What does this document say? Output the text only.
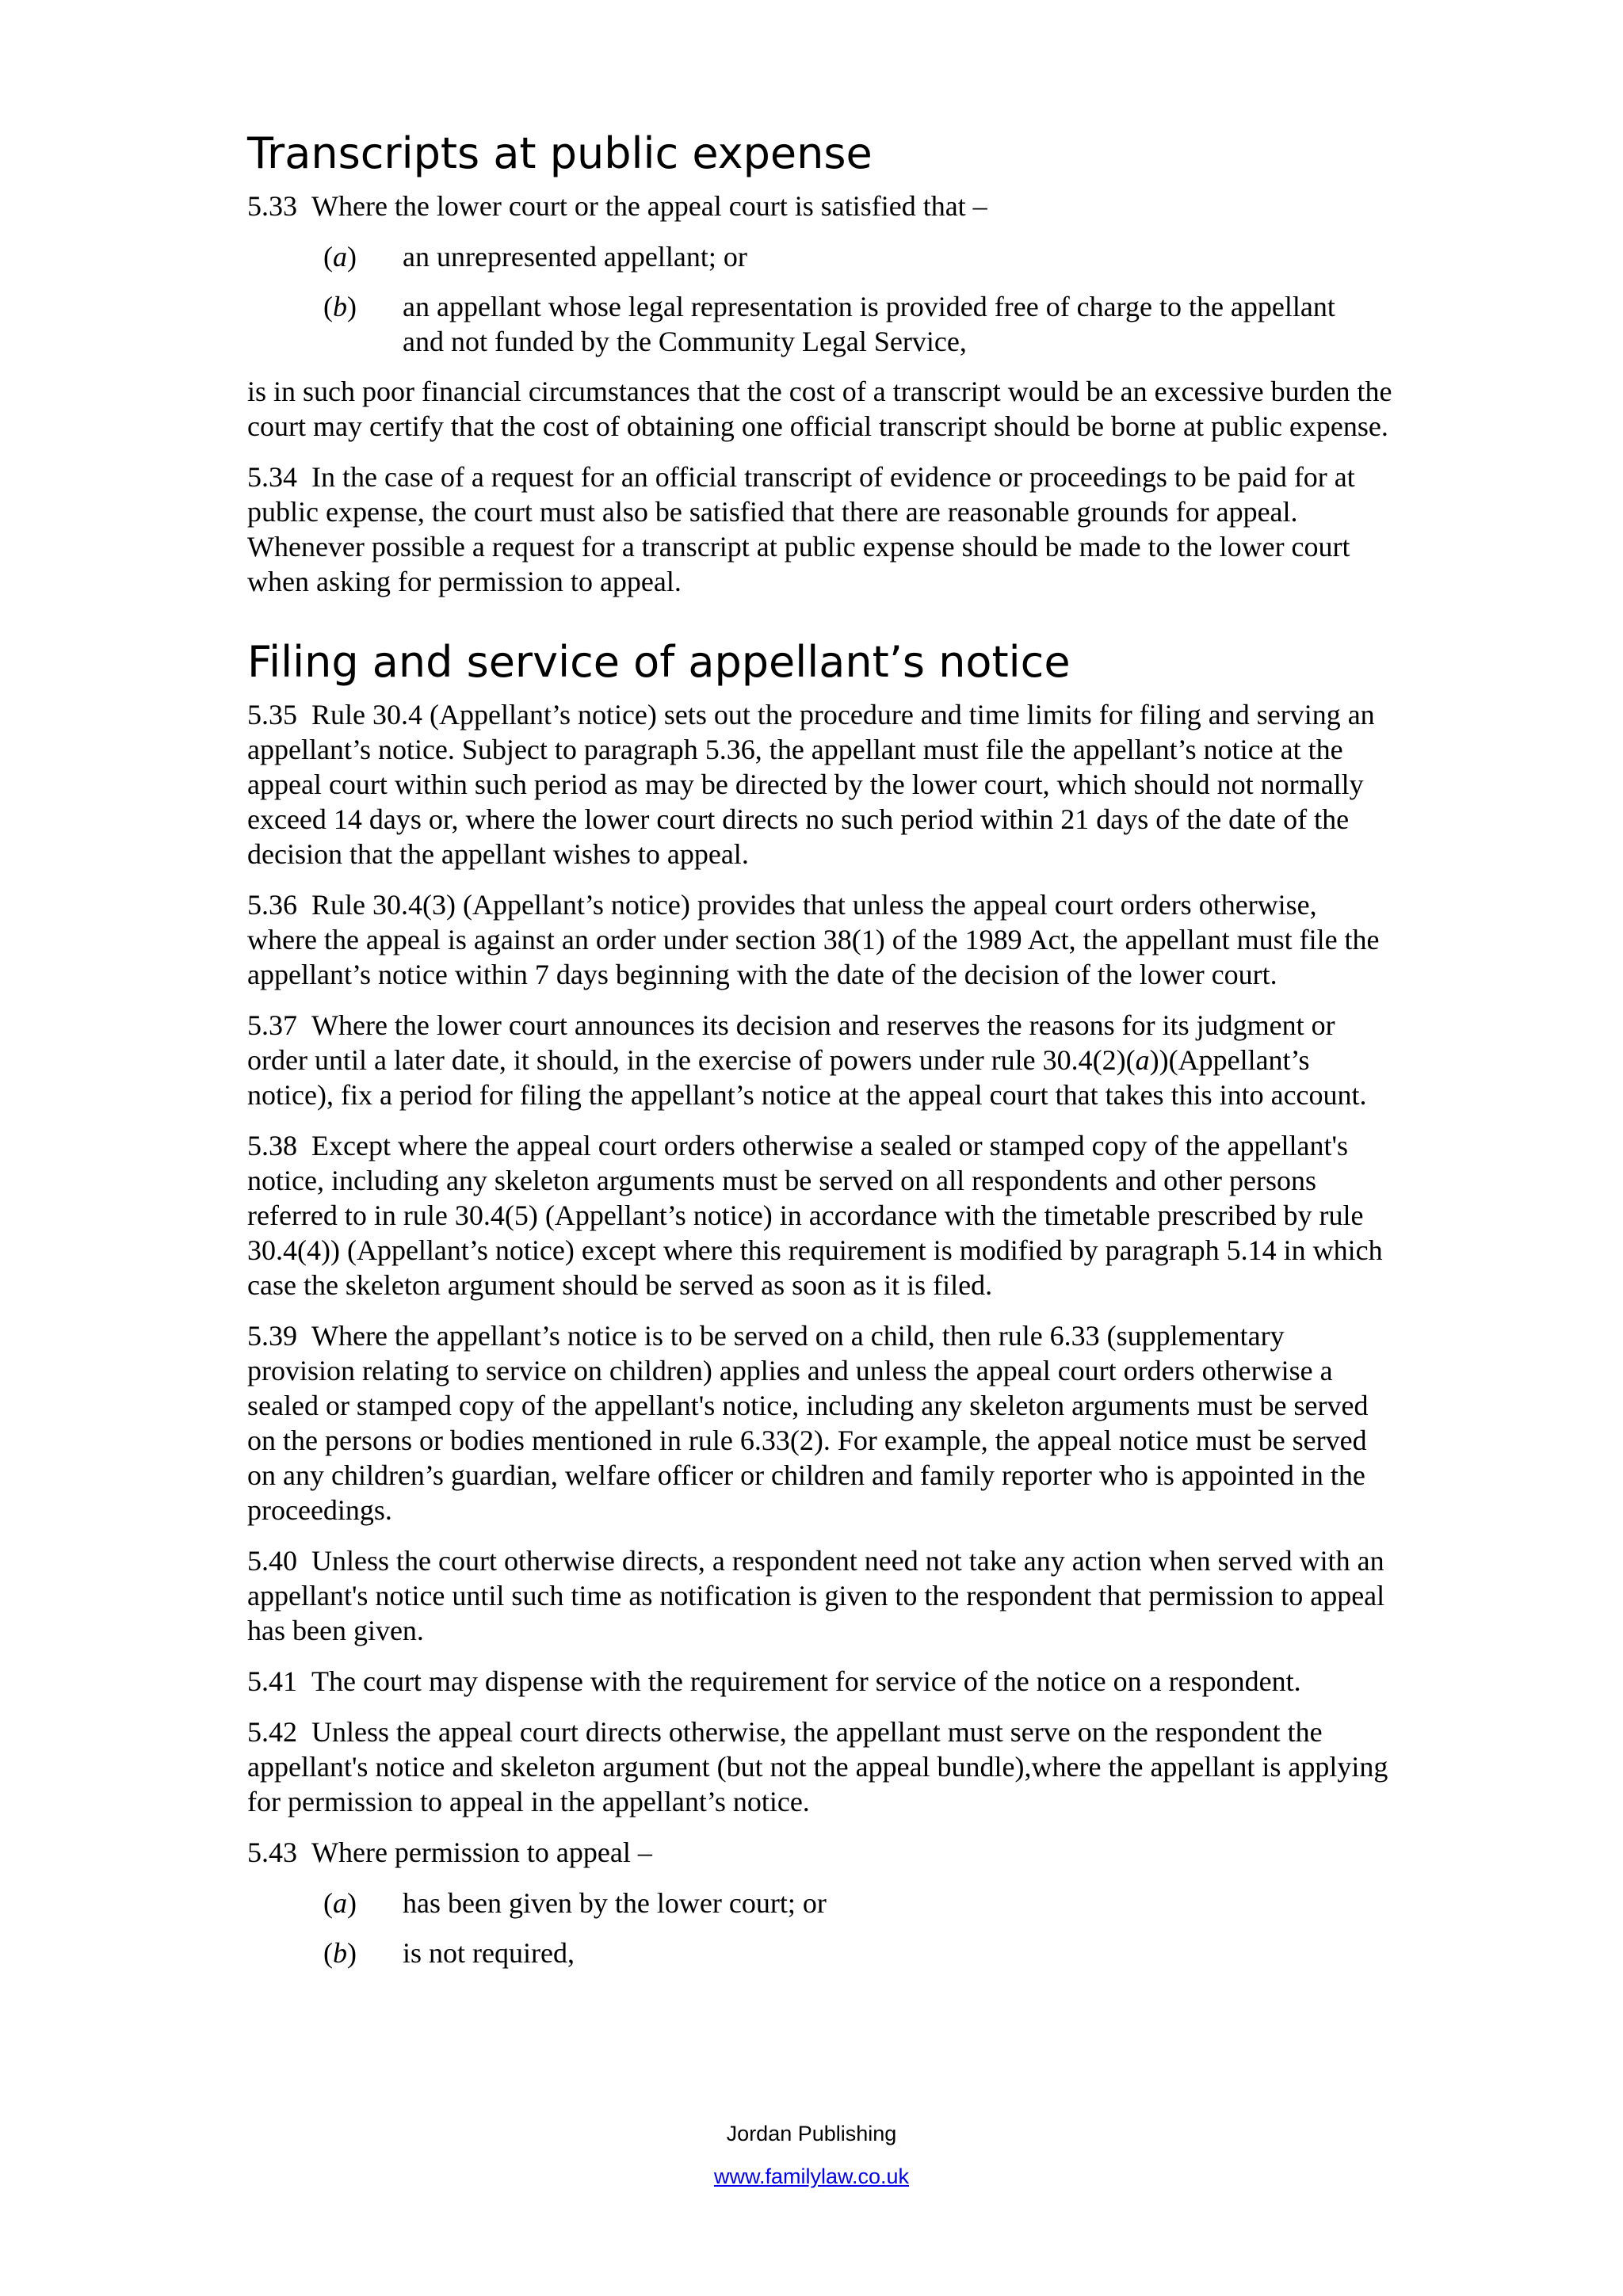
Transcripts at public expense

5.33 Where the lower court or the appeal court is satisfied that –

(a)	an unrepresented appellant; or
(b)	an appellant whose legal representation is provided free of charge to the appellant and not funded by the Community Legal Service,

is in such poor financial circumstances that the cost of a transcript would be an excessive burden the court may certify that the cost of obtaining one official transcript should be borne at public expense.

5.34 In the case of a request for an official transcript of evidence or proceedings to be paid for at public expense, the court must also be satisfied that there are reasonable grounds for appeal. Whenever possible a request for a transcript at public expense should be made to the lower court when asking for permission to appeal.

Filing and service of appellant’s notice

5.35 Rule 30.4 (Appellant’s notice) sets out the procedure and time limits for filing and serving an appellant’s notice. Subject to paragraph 5.36, the appellant must file the appellant’s notice at the appeal court within such period as may be directed by the lower court, which should not normally exceed 14 days or, where the lower court directs no such period within 21 days of the date of the decision that the appellant wishes to appeal.

5.36 Rule 30.4(3) (Appellant’s notice) provides that unless the appeal court orders otherwise, where the appeal is against an order under section 38(1) of the 1989 Act, the appellant must file the appellant’s notice within 7 days beginning with the date of the decision of the lower court.

5.37 Where the lower court announces its decision and reserves the reasons for its judgment or order until a later date, it should, in the exercise of powers under rule 30.4(2)(a))(Appellant’s notice), fix a period for filing the appellant’s notice at the appeal court that takes this into account.

5.38 Except where the appeal court orders otherwise a sealed or stamped copy of the appellant's notice, including any skeleton arguments must be served on all respondents and other persons referred to in rule 30.4(5) (Appellant’s notice) in accordance with the timetable prescribed by rule 30.4(4)) (Appellant’s notice) except where this requirement is modified by paragraph 5.14 in which case the skeleton argument should be served as soon as it is filed.

5.39 Where the appellant’s notice is to be served on a child, then rule 6.33 (supplementary provision relating to service on children) applies and unless the appeal court orders otherwise a sealed or stamped copy of the appellant's notice, including any skeleton arguments must be served on the persons or bodies mentioned in rule 6.33(2). For example, the appeal notice must be served on any children’s guardian, welfare officer or children and family reporter who is appointed in the proceedings.

5.40 Unless the court otherwise directs, a respondent need not take any action when served with an appellant's notice until such time as notification is given to the respondent that permission to appeal has been given.

5.41 The court may dispense with the requirement for service of the notice on a respondent.

5.42 Unless the appeal court directs otherwise, the appellant must serve on the respondent the appellant's notice and skeleton argument (but not the appeal bundle),where the appellant is applying for permission to appeal in the appellant’s notice.

5.43 Where permission to appeal –

(a)	has been given by the lower court; or
(b)	is not required,
Jordan Publishing
www.familylaw.co.uk
